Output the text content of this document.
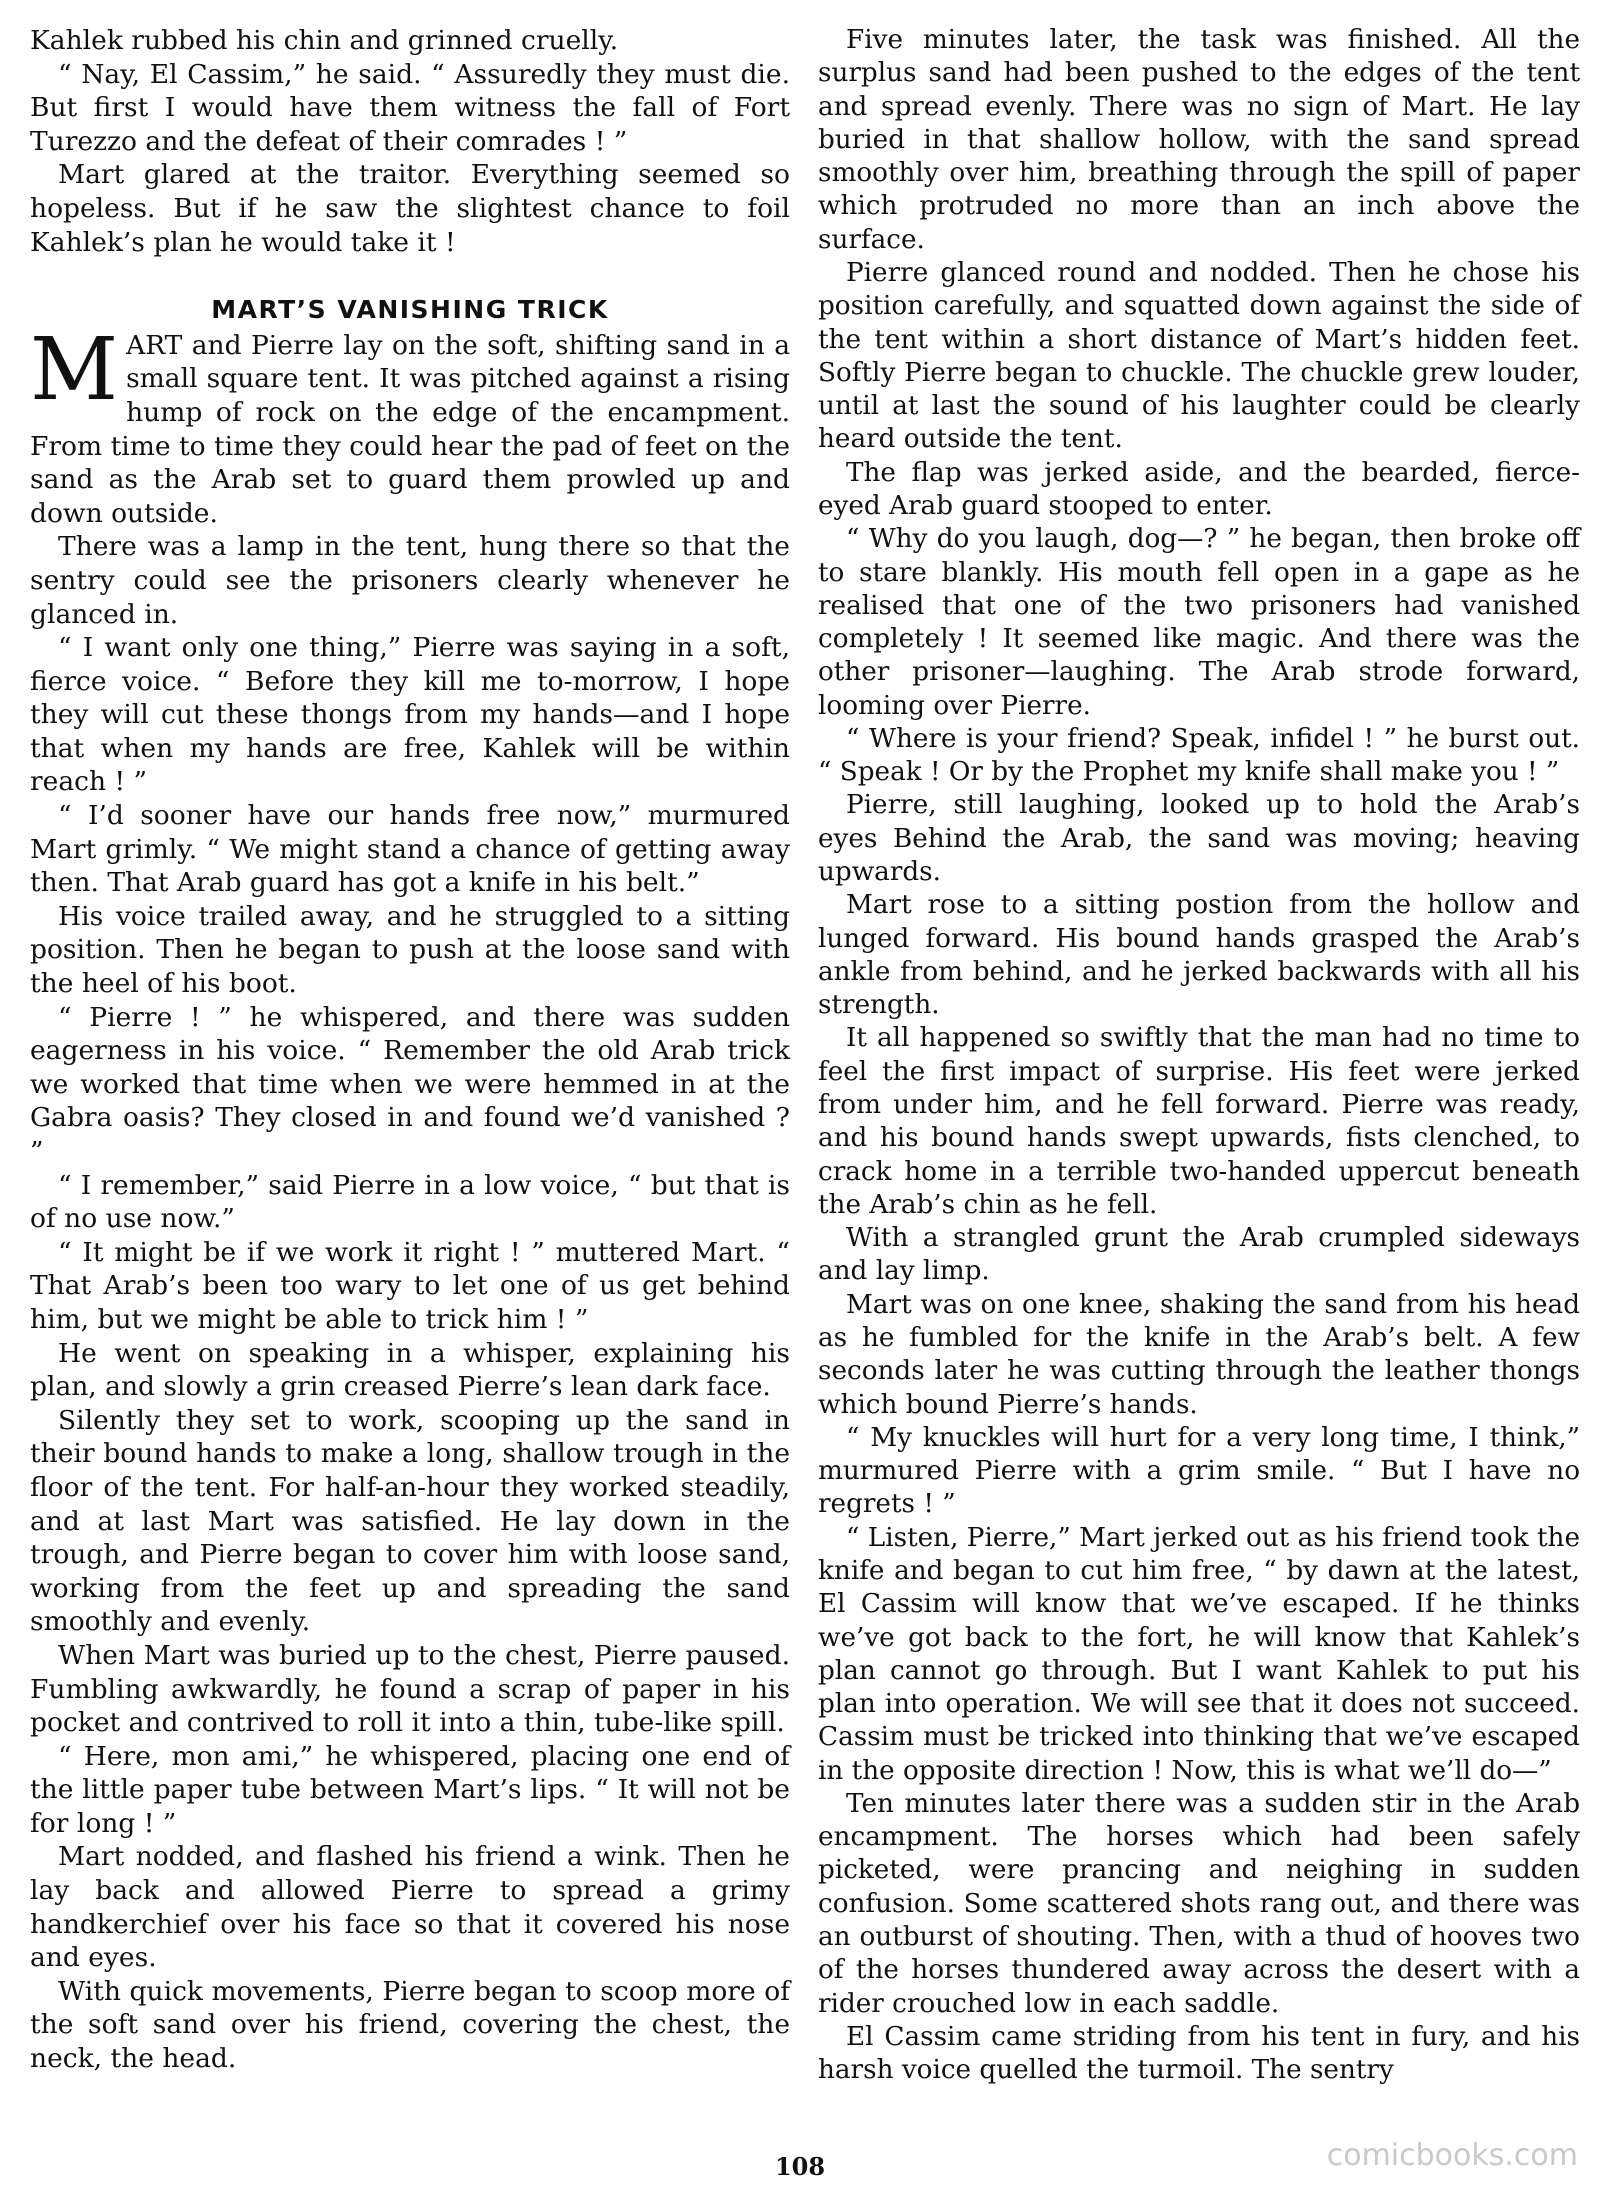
Kahlek rubbed his chin and grinned cruelly.

“ Nay, El Cassim,” he said. “ Assuredly they must die. But first I would have them witness the fall of Fort Turezzo and the defeat of their comrades ! ”

Mart glared at the traitor. Everything seemed so hopeless. But if he saw the slightest chance to foil Kahlek’s plan he would take it !

MART’S VANISHING TRICK

MART and Pierre lay on the soft, shifting sand in a small square tent. It was pitched against a rising hump of rock on the edge of the encampment. From time to time they could hear the pad of feet on the sand as the Arab set to guard them prowled up and down outside.

There was a lamp in the tent, hung there so that the sentry could see the prisoners clearly whenever he glanced in.

“ I want only one thing,” Pierre was saying in a soft, fierce voice. “ Before they kill me to-morrow, I hope they will cut these thongs from my hands—and I hope that when my hands are free, Kahlek will be within reach ! ”

“ I’d sooner have our hands free now,” murmured Mart grimly. “ We might stand a chance of getting away then. That Arab guard has got a knife in his belt.”

His voice trailed away, and he struggled to a sitting position. Then he began to push at the loose sand with the heel of his boot.

“ Pierre ! ” he whispered, and there was sudden eagerness in his voice. “ Remember the old Arab trick we worked that time when we were hemmed in at the Gabra oasis? They closed in and found we’d vanished ? ”

“ I remember,” said Pierre in a low voice, “ but that is of no use now.”

“ It might be if we work it right ! ” muttered Mart. “ That Arab’s been too wary to let one of us get behind him, but we might be able to trick him ! ”

He went on speaking in a whisper, explaining his plan, and slowly a grin creased Pierre’s lean dark face.

Silently they set to work, scooping up the sand in their bound hands to make a long, shallow trough in the floor of the tent. For half-an-hour they worked steadily, and at last Mart was satisfied. He lay down in the trough, and Pierre began to cover him with loose sand, working from the feet up and spreading the sand smoothly and evenly.

When Mart was buried up to the chest, Pierre paused. Fumbling awkwardly, he found a scrap of paper in his pocket and contrived to roll it into a thin, tube-like spill.

“ Here, mon ami,” he whispered, placing one end of the little paper tube between Mart’s lips. “ It will not be for long ! ”

Mart nodded, and flashed his friend a wink. Then he lay back and allowed Pierre to spread a grimy handkerchief over his face so that it covered his nose and eyes.

With quick movements, Pierre began to scoop more of the soft sand over his friend, covering the chest, the neck, the head.

Five minutes later, the task was finished. All the surplus sand had been pushed to the edges of the tent and spread evenly. There was no sign of Mart. He lay buried in that shallow hollow, with the sand spread smoothly over him, breathing through the spill of paper which protruded no more than an inch above the surface.

Pierre glanced round and nodded. Then he chose his position carefully, and squatted down against the side of the tent within a short distance of Mart’s hidden feet. Softly Pierre began to chuckle. The chuckle grew louder, until at last the sound of his laughter could be clearly heard outside the tent.

The flap was jerked aside, and the bearded, fierce-eyed Arab guard stooped to enter.

“ Why do you laugh, dog—? ” he began, then broke off to stare blankly. His mouth fell open in a gape as he realised that one of the two prisoners had vanished completely ! It seemed like magic. And there was the other prisoner—laughing. The Arab strode forward, looming over Pierre.

“ Where is your friend? Speak, infidel ! ” he burst out. “ Speak ! Or by the Prophet my knife shall make you ! ”

Pierre, still laughing, looked up to hold the Arab’s eyes Behind the Arab, the sand was moving; heaving upwards.

Mart rose to a sitting postion from the hollow and lunged forward. His bound hands grasped the Arab’s ankle from behind, and he jerked backwards with all his strength.

It all happened so swiftly that the man had no time to feel the first impact of surprise. His feet were jerked from under him, and he fell forward. Pierre was ready, and his bound hands swept upwards, fists clenched, to crack home in a terrible two-handed uppercut beneath the Arab’s chin as he fell.

With a strangled grunt the Arab crumpled sideways and lay limp.

Mart was on one knee, shaking the sand from his head as he fumbled for the knife in the Arab’s belt. A few seconds later he was cutting through the leather thongs which bound Pierre’s hands.

“ My knuckles will hurt for a very long time, I think,” murmured Pierre with a grim smile. “ But I have no regrets ! ”

“ Listen, Pierre,” Mart jerked out as his friend took the knife and began to cut him free, “ by dawn at the latest, El Cassim will know that we’ve escaped. If he thinks we’ve got back to the fort, he will know that Kahlek’s plan cannot go through. But I want Kahlek to put his plan into operation. We will see that it does not succeed. Cassim must be tricked into thinking that we’ve escaped in the opposite direction ! Now, this is what we’ll do—”

Ten minutes later there was a sudden stir in the Arab encampment. The horses which had been safely picketed, were prancing and neighing in sudden confusion. Some scattered shots rang out, and there was an outburst of shouting. Then, with a thud of hooves two of the horses thundered away across the desert with a rider crouched low in each saddle.

El Cassim came striding from his tent in fury, and his harsh voice quelled the turmoil. The sentry

108	comicbooks.com
